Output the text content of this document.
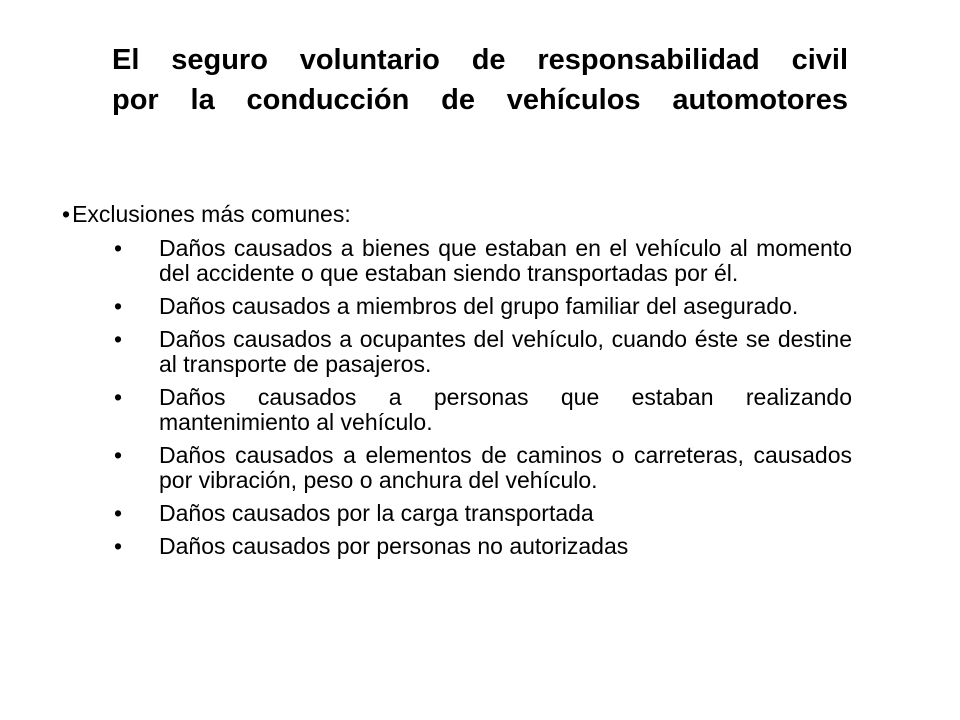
El seguro voluntario de responsabilidad civil
por la conducción de vehículos automotores

•Exclusiones más comunes:

• Daños causados a bienes que estaban en el vehículo al momento del accidente o que estaban siendo transportadas por él.
• Daños causados a miembros del grupo familiar del asegurado.
• Daños causados a ocupantes del vehículo, cuando éste se destine al transporte de pasajeros.
• Daños causados a personas que estaban realizando mantenimiento al vehículo.
• Daños causados a elementos de caminos o carreteras, causados por vibración, peso o anchura del vehículo.
• Daños causados por la carga transportada
• Daños causados por personas no autorizadas
